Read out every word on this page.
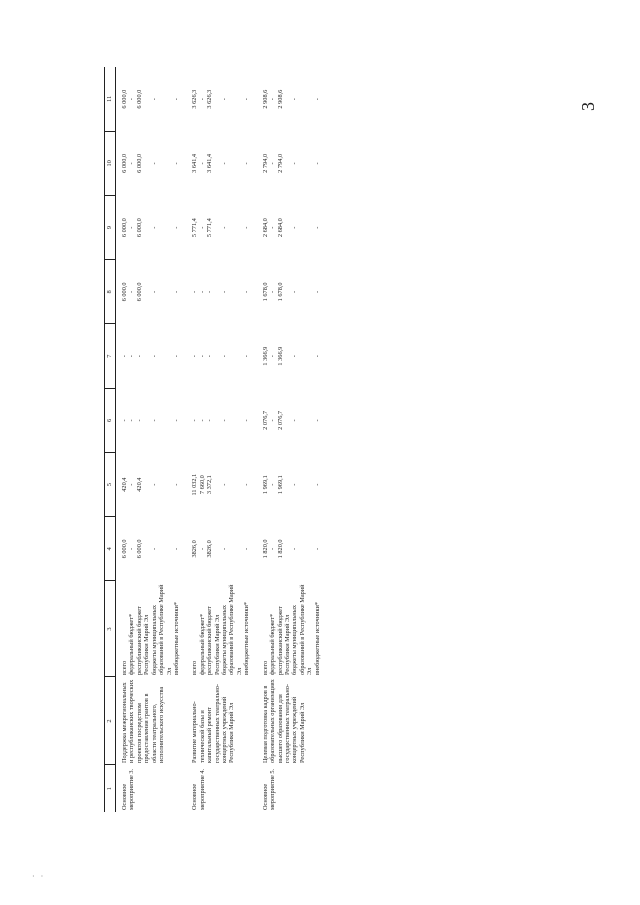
3
1	2	3	4	5	6	7	8	9	10	11
Основное мероприятие 3.	Поддержка межрегиональных и республиканских творческих проектов посредством предоставления грантов в области театрального, исполнительского искусства	всего	6 000,0	420,4	-	-	6 000,0	6 000,0	6 000,0	6 000,0
		федеральный бюджет*	-	-	-	-	-	-	-	-
		республиканский бюджет Республики Марий Эл	6 000,0	420,4	-	-	6 000,0	6 000,0	6 000,0	6 000,0
		бюджеты муниципальных образований в Республике Марий Эл	-	-	-	-	-	-	-	-
		внебюджетные источники*	-	-	-	-	-	-	-	-
Основное мероприятие 4.	Развитие материально-технической базы и капитальный ремонт государственных театрально-концертных учреждений Республики Марий Эл	всего	3826,0	11 032,1	-	-	-	5 771,4	3 641,4	3 626,3
		федеральный бюджет*	-	7 660,0	-	-	-	-	-	-
		республиканский бюджет Республики Марий Эл	3826,0	3 372,1	-	-	-	5 771,4	3 641,4	3 626,3
		бюджеты муниципальных образований в Республике Марий Эл	-	-	-	-	-	-	-	-
		внебюджетные источники*	-	-	-	-	-	-	-	-
Основное мероприятие 5.	Целевая подготовка кадров в образовательных организациях высшего образования для государственных театрально-концертных учреждений Республики Марий Эл	всего	1 820,0	1 969,1	2 076,7	1 366,9	1 678,0	2 684,0	2 794,0	2 908,6
		федеральный бюджет*	-	-	-	-	-	-	-	-
		республиканский бюджет Республики Марий Эл	1 820,0	1 969,1	2 076,7	1 366,9	1 678,0	2 684,0	2 794,0	2 908,6
		бюджеты муниципальных образований в Республике Марий Эл	-	-	-	-	-	-	-	-
		внебюджетные источники*	-	-	-	-	-	-	-	-
· ·
